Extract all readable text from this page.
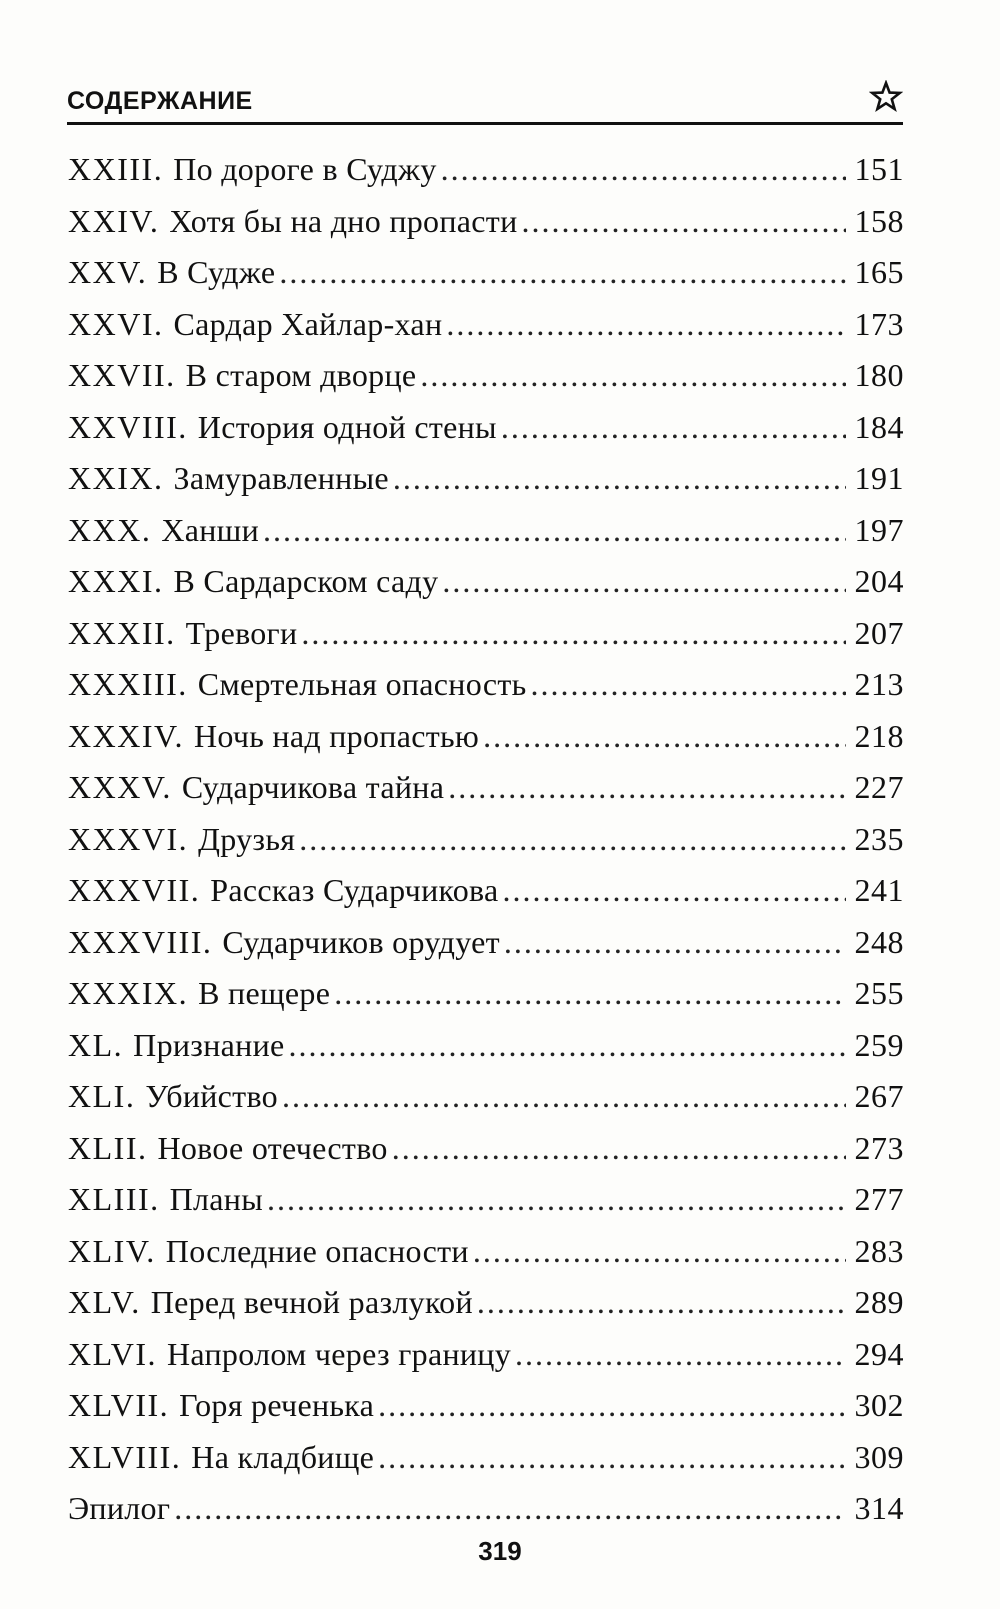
СОДЕРЖАНИЕ
XXIII. По дороге в Суджу .....	151
XXIV. Хотя бы на дно пропасти .....	158
XXV. В Судже .....	165
XXVI. Сардар Хайлар-хан .....	173
XXVII. В старом дворце .....	180
XXVIII. История одной стены .....	184
XXIX. Замуравленные .....	191
XXX. Ханши .....	197
XXXI. В Сардарском саду .....	204
XXXII. Тревоги .....	207
XXXIII. Смертельная опасность .....	213
XXXIV. Ночь над пропастью .....	218
XXXV. Сударчикова тайна .....	227
XXXVI. Друзья .....	235
XXXVII. Рассказ Сударчикова .....	241
XXXVIII. Сударчиков орудует .....	248
XXXIX. В пещере .....	255
XL. Признание .....	259
XLI. Убийство .....	267
XLII. Новое отечество .....	273
XLIII. Планы .....	277
XLIV. Последние опасности .....	283
XLV. Перед вечной разлукой .....	289
XLVI. Напролом через границу .....	294
XLVII. Горя реченька .....	302
XLVIII. На кладбище .....	309
Эпилог .....	314
319
